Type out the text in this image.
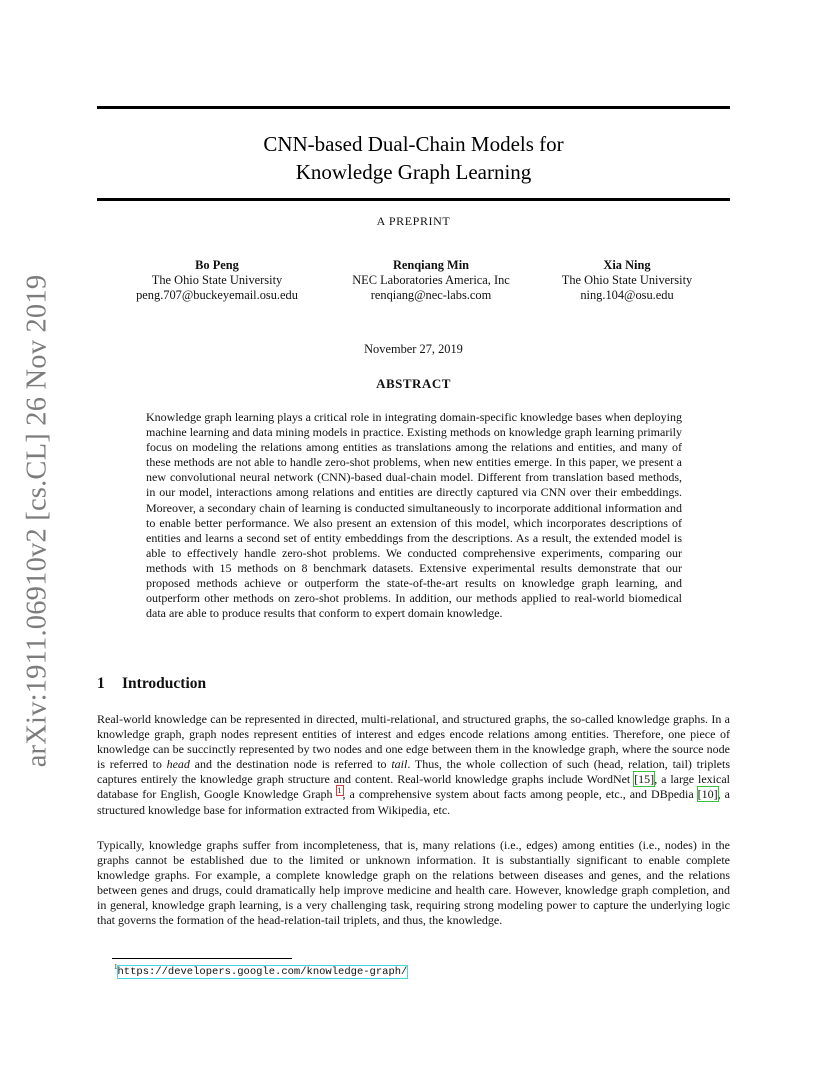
arXiv:1911.06910v2 [cs.CL] 26 Nov 2019
CNN-based Dual-Chain Models for
Knowledge Graph Learning
A PREPRINT
Bo Peng
The Ohio State University
peng.707@buckeyemail.osu.edu
Renqiang Min
NEC Laboratories America, Inc
renqiang@nec-labs.com
Xia Ning
The Ohio State University
ning.104@osu.edu
November 27, 2019
ABSTRACT

Knowledge graph learning plays a critical role in integrating domain-specific knowledge bases when deploying machine learning and data mining models in practice. Existing methods on knowledge graph learning primarily focus on modeling the relations among entities as translations among the relations and entities, and many of these methods are not able to handle zero-shot problems, when new entities emerge. In this paper, we present a new convolutional neural network (CNN)-based dual-chain model. Different from translation based methods, in our model, interactions among relations and entities are directly captured via CNN over their embeddings. Moreover, a secondary chain of learning is conducted simultaneously to incorporate additional information and to enable better performance. We also present an extension of this model, which incorporates descriptions of entities and learns a second set of entity embeddings from the descriptions. As a result, the extended model is able to effectively handle zero-shot problems. We conducted comprehensive experiments, comparing our methods with 15 methods on 8 benchmark datasets. Extensive experimental results demonstrate that our proposed methods achieve or outperform the state-of-the-art results on knowledge graph learning, and outperform other methods on zero-shot problems. In addition, our methods applied to real-world biomedical data are able to produce results that conform to expert domain knowledge.

1 Introduction

Real-world knowledge can be represented in directed, multi-relational, and structured graphs, the so-called knowledge graphs. In a knowledge graph, graph nodes represent entities of interest and edges encode relations among entities. Therefore, one piece of knowledge can be succinctly represented by two nodes and one edge between them in the knowledge graph, where the source node is referred to head and the destination node is referred to tail. Thus, the whole collection of such (head, relation, tail) triplets captures entirely the knowledge graph structure and content. Real-world knowledge graphs include WordNet [15], a large lexical database for English, Google Knowledge Graph $^1$, a comprehensive system about facts among people, etc., and DBpedia [10], a structured knowledge base for information extracted from Wikipedia, etc.

Typically, knowledge graphs suffer from incompleteness, that is, many relations (i.e., edges) among entities (i.e., nodes) in the graphs cannot be established due to the limited or unknown information. It is substantially significant to enable complete knowledge graphs. For example, a complete knowledge graph on the relations between diseases and genes, and the relations between genes and drugs, could dramatically help improve medicine and health care. However, knowledge graph completion, and in general, knowledge graph learning, is a very challenging task, requiring strong modeling power to capture the underlying logic that governs the formation of the head-relation-tail triplets, and thus, the knowledge.

$^1$https://developers.google.com/knowledge-graph/
